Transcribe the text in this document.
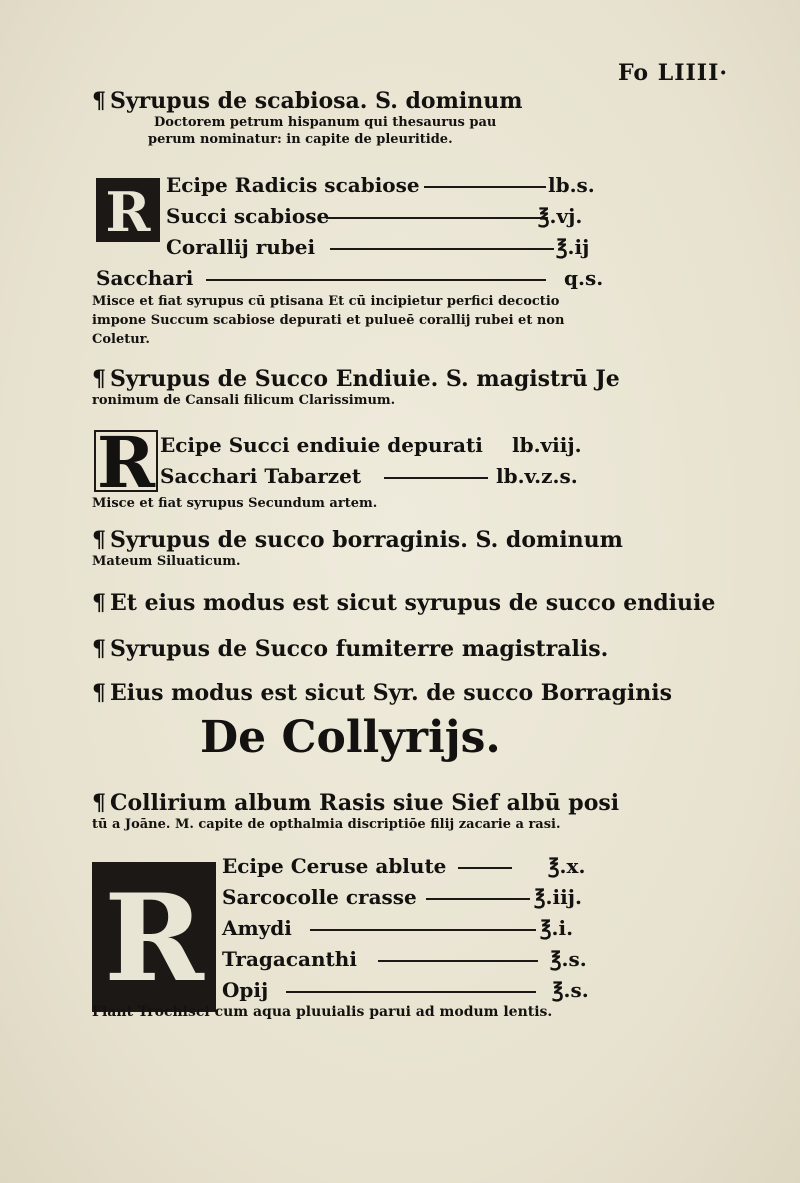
Fo LIIII·
¶ Syrupus de scabiosa. S. dominum
Doctorem petrum hispanum qui thesaurus pau
perum nominatur: in capite de pleuritide.
R Ecipe Radicis scabiose	lb.s.
Succi scabiose	℥.vj.
Corallij rubei	℥.ij
Sacchari	q.s.
Misce et fiat syrupus cū ptisana Et cū incipietur perfici decoctio
impone Succum scabiose depurati et pulueē corallij rubei et non
Coletur.
¶ Syrupus de Succo Endiuie. S. magistrū Je
ronimum de Cansali filicum Clarissimum.
R Ecipe Succi endiuie depurati lb.viij.
Sacchari Tabarzet	lb.v.z.s.
Misce et fiat syrupus Secundum artem.
¶ Syrupus de succo borraginis. S. dominum
Mateum Siluaticum.
¶ Et eius modus est sicut syrupus de succo endiuie
¶ Syrupus de Succo fumiterre magistralis.
¶ Eius modus est sicut Syr. de succo Borraginis
De Collyrijs.
¶ Collirium album Rasis siue Sief albū posi
tū a Joāne. M. capite de opthalmia discriptiōe filij zacarie a rasi.
R
Ecipe Ceruse ablute	℥.x.
Sarcocolle crasse	℥.iij.
Amydi	℥.i.
Tragacanthi	℥.s.
Opij	℥.s.
Fiant Trochisci cum aqua pluuialis parui ad modum lentis.
